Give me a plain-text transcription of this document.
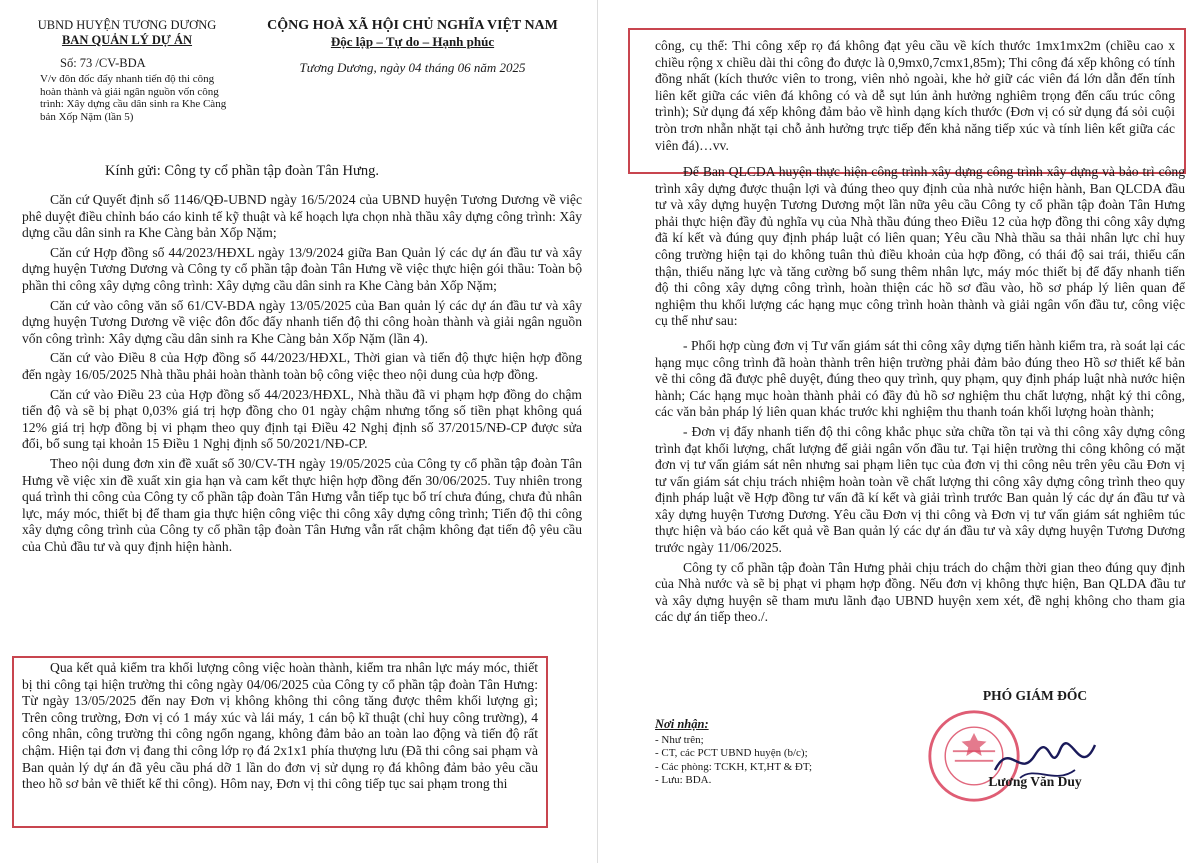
UBND HUYỆN TƯƠNG DƯƠNG

BAN QUẢN LÝ DỰ ÁN

Số: 73 /CV-BDA

V/v đôn đốc đẩy nhanh tiến độ thi công hoàn thành và giải ngân nguồn vốn công trình: Xây dựng cầu dân sinh ra Khe Càng bản Xốp Nặm (lần 5)

CỘNG HOÀ XÃ HỘI CHỦ NGHĨA VIỆT NAM

Độc lập – Tự do – Hạnh phúc

Tương Dương, ngày 04 tháng 06 năm 2025

Kính gửi: Công ty cổ phần tập đoàn Tân Hưng.

Căn cứ Quyết định số 1146/QĐ-UBND ngày 16/5/2024 của UBND huyện Tương Dương về việc phê duyệt điều chỉnh báo cáo kinh tế kỹ thuật và kế hoạch lựa chọn nhà thầu xây dựng công trình: Xây dựng cầu dân sinh ra Khe Càng bản Xốp Nặm;

Căn cứ Hợp đồng số 44/2023/HĐXL ngày 13/9/2024 giữa Ban Quản lý các dự án đầu tư và xây dựng huyện Tương Dương và Công ty cổ phần tập đoàn Tân Hưng về việc thực hiện gói thầu: Toàn bộ phần thi công xây dựng công trình: Xây dựng cầu dân sinh ra Khe Càng bản Xốp Nặm;

Căn cứ vào công văn số 61/CV-BDA ngày 13/05/2025 của Ban quản lý các dự án đầu tư và xây dựng huyện Tương Dương về việc đôn đốc đẩy nhanh tiến độ thi công hoàn thành và giải ngân nguồn vốn công trình: Xây dựng cầu dân sinh ra Khe Càng bản Xốp Nặm (lần 4).

Căn cứ vào Điều 8 của Hợp đồng số 44/2023/HĐXL, Thời gian và tiến độ thực hiện hợp đồng đến ngày 16/05/2025 Nhà thầu phải hoàn thành toàn bộ công việc theo nội dung của hợp đồng.

Căn cứ vào Điều 23 của Hợp đồng số 44/2023/HĐXL, Nhà thầu đã vi phạm hợp đồng do chậm tiến độ và sẽ bị phạt 0,03% giá trị hợp đồng cho 01 ngày chậm nhưng tổng số tiền phạt không quá 12% giá trị hợp đồng bị vi phạm theo quy định tại Điều 42 Nghị định số 37/2015/NĐ-CP được sửa đổi, bổ sung tại khoản 15 Điều 1 Nghị định số 50/2021/NĐ-CP.

Theo nội dung đơn xin đề xuất số 30/CV-TH ngày 19/05/2025 của Công ty cổ phần tập đoàn Tân Hưng về việc xin đề xuất xin gia hạn và cam kết thực hiện hợp đồng đến 30/06/2025. Tuy nhiên trong quá trình thi công của Công ty cổ phần tập đoàn Tân Hưng vẫn tiếp tục bố trí chưa đúng, chưa đủ nhân lực, máy móc, thiết bị để tham gia thực hiện công việc thi công xây dựng công trình; Tiến độ thi công xây dựng công trình của Công ty cổ phần tập đoàn Tân Hưng vẫn rất chậm không đạt tiến độ yêu cầu của Chủ đầu tư và quy định hiện hành.

Qua kết quả kiểm tra khối lượng công việc hoàn thành, kiểm tra nhân lực máy móc, thiết bị thi công tại hiện trường thi công ngày 04/06/2025 của Công ty cổ phần tập đoàn Tân Hưng: Từ ngày 13/05/2025 đến nay Đơn vị không không thi công tăng được thêm khối lượng gì; Trên công trường, Đơn vị có 1 máy xúc và lái máy, 1 cán bộ kĩ thuật (chỉ huy công trường), 4 công nhân, công trường thi công ngổn ngang, không đảm bảo an toàn lao động và tiến độ rất chậm. Hiện tại đơn vị đang thi công lớp rọ đá 2x1x1 phía thượng lưu (Đã thi công sai phạm và Ban quản lý dự án đã yêu cầu phá dỡ 1 lần do đơn vị sử dụng rọ đá không đảm bảo yêu cầu theo hồ sơ bản vẽ thiết kế thi công). Hôm nay, Đơn vị thi công tiếp tục sai phạm trong thi

công, cụ thể: Thi công xếp rọ đá không đạt yêu cầu về kích thước 1mx1mx2m (chiều cao x chiều rộng x chiều dài thi công đo được là 0,9mx0,7cmx1,85m); Thi công đá xếp không có tính đồng nhất (kích thước viên to trong, viên nhỏ ngoài, khe hở giữ các viên đá lớn dẫn đến tính liên kết giữa các viên đá không có và dễ sụt lún ảnh hưởng nghiêm trọng đến cấu trúc công trình); Sử dụng đá xếp không đảm bảo về hình dạng kích thước (Đơn vị có sử dụng đá sỏi cuội tròn trơn nhẵn nhặt tại chỗ ảnh hưởng trực tiếp đến khả năng tiếp xúc và tính liên kết giữa các viên đá)…vv.

Để Ban QLCDA huyện thực hiện công trình xây dựng công trình xây dựng và bảo trì công trình xây dựng được thuận lợi và đúng theo quy định của nhà nước hiện hành, Ban QLCDA đầu tư và xây dựng huyện Tương Dương một lần nữa yêu cầu Công ty cổ phần tập đoàn Tân Hưng phải thực hiện đầy đủ nghĩa vụ của Nhà thầu đúng theo Điều 12 của hợp đồng thi công xây dựng đã kí kết và đúng quy định pháp luật có liên quan; Yêu cầu Nhà thầu sa thải nhân lực chỉ huy công trường hiện tại do không tuân thủ điều khoản của hợp đồng, có thái độ sai trái, thiếu cẩn thận, thiếu năng lực và tăng cường bổ sung thêm nhân lực, máy móc thiết bị để đẩy nhanh tiến độ thi công xây dựng công trình, hoàn thiện các hồ sơ đầu vào, hồ sơ pháp lý liên quan để nghiệm thu khối lượng các hạng mục công trình hoàn thành và giải ngân vốn đầu tư, công việc cụ thể như sau:

- Phối hợp cùng đơn vị Tư vấn giám sát thi công xây dựng tiến hành kiểm tra, rà soát lại các hạng mục công trình đã hoàn thành trên hiện trường phải đảm bảo đúng theo Hồ sơ thiết kế bản vẽ thi công đã được phê duyệt, đúng theo quy trình, quy phạm, quy định pháp luật nhà nước hiện hành; Các hạng mục hoàn thành phải có đầy đủ hồ sơ nghiệm thu chất lượng, nhật ký thi công, các văn bản pháp lý liên quan khác trước khi nghiệm thu thanh toán khối lượng hoàn thành;

- Đơn vị đẩy nhanh tiến độ thi công khắc phục sửa chữa tồn tại và thi công xây dựng công trình đạt khối lượng, chất lượng để giải ngân vốn đầu tư. Tại hiện trường thi công không có mặt đơn vị tư vấn giám sát nên nhưng sai phạm liên tục của đơn vị thi công nêu trên yêu cầu Đơn vị tư vấn giám sát chịu trách nhiệm hoàn toàn về chất lượng thi công xây dựng công trình theo quy định pháp luật về Hợp đồng tư vấn đã kí kết và giải trình trước Ban quản lý các dự án đầu tư và xây dựng huyện Tương Dương. Yêu cầu Đơn vị thi công và Đơn vị tư vấn giám sát nghiêm túc thực hiện và báo cáo kết quả về Ban quản lý các dự án đầu tư và xây dựng huyện Tương Dương trước ngày 11/06/2025.

Công ty cổ phần tập đoàn Tân Hưng phải chịu trách do chậm thời gian theo đúng quy định của Nhà nước và sẽ bị phạt vi phạm hợp đồng. Nếu đơn vị không thực hiện, Ban QLDA đầu tư và xây dựng huyện sẽ tham mưu lãnh đạo UBND huyện xem xét, đề nghị không cho tham gia các dự án tiếp theo./.

Nơi nhận:

- Như trên;

- CT, các PCT UBND huyện (b/c);

- Các phòng: TCKH, KT,HT & ĐT;

- Lưu: BDA.

PHÓ GIÁM ĐỐC

Lương Văn Duy
